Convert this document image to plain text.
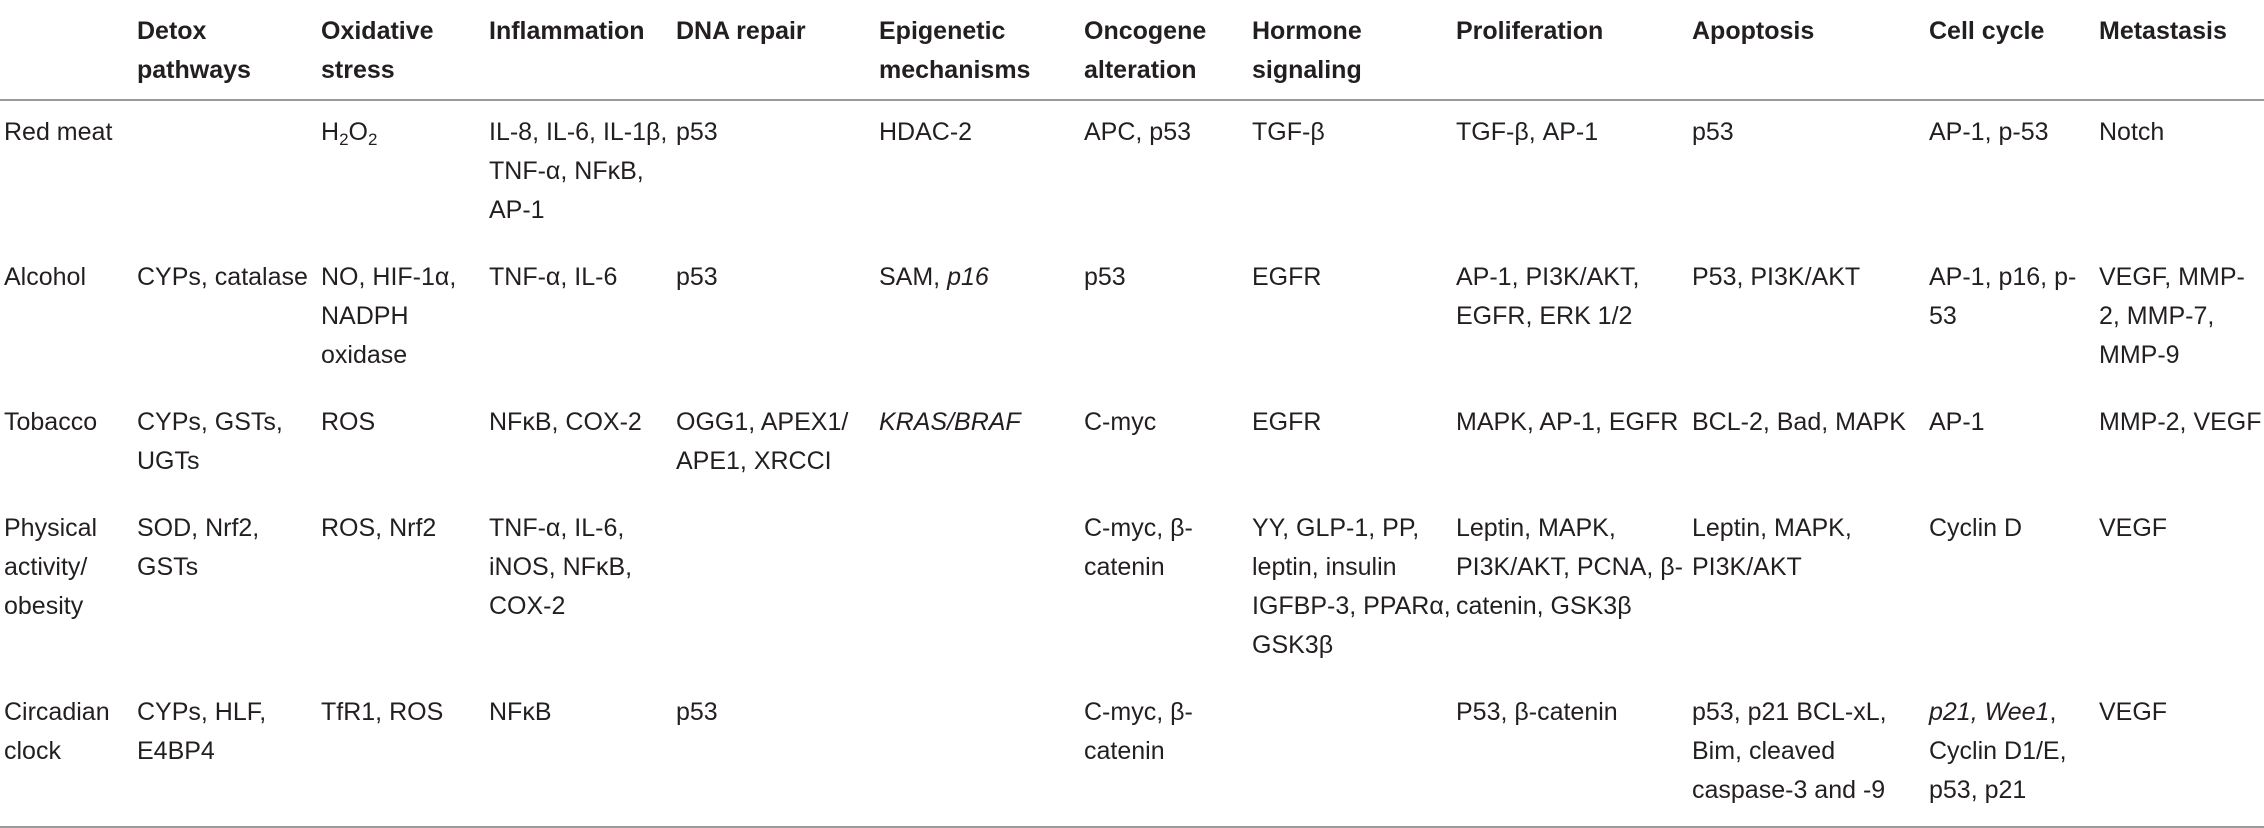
	Detox pathways	Oxidative stress	Inflammation	DNA repair	Epigenetic mechanisms	Oncogene alteration	Hormone signaling	Proliferation	Apoptosis	Cell cycle	Metastasis
Red meat		$H_2O_2$	IL-8, IL-6, IL-1β, TNF-α, NFκB, AP-1	p53	HDAC-2	APC, p53	TGF-β	TGF-β, AP-1	p53	AP-1, p-53	Notch
Alcohol	CYPs, catalase	NO, HIF-1α, NADPH oxidase	TNF-α, IL-6	p53	SAM, p16	p53	EGFR	AP-1, PI3K/AKT, EGFR, ERK 1/2	P53, PI3K/AKT	AP-1, p16, p-53	VEGF, MMP-2, MMP-7, MMP-9
Tobacco	CYPs, GSTs, UGTs	ROS	NFκB, COX-2	OGG1, APEX1/ APE1, XRCCI	KRAS/BRAF	C-myc	EGFR	MAPK, AP-1, EGFR	BCL-2, Bad, MAPK	AP-1	MMP-2, VEGF
Physical activity/ obesity	SOD, Nrf2, GSTs	ROS, Nrf2	TNF-α, IL-6, iNOS, NFκB, COX-2			C-myc, β-catenin	YY, GLP-1, PP, leptin, insulin IGFBP-3, PPARα, GSK3β	Leptin, MAPK, PI3K/AKT, PCNA, β-catenin, GSK3β	Leptin, MAPK, PI3K/AKT	Cyclin D	VEGF
Circadian clock	CYPs, HLF, E4BP4	TfR1, ROS	NFκB	p53		C-myc, β-catenin		P53, β-catenin	p53, p21 BCL-xL, Bim, cleaved caspase-3 and -9	p21, Wee1, Cyclin D1/E, p53, p21	VEGF
